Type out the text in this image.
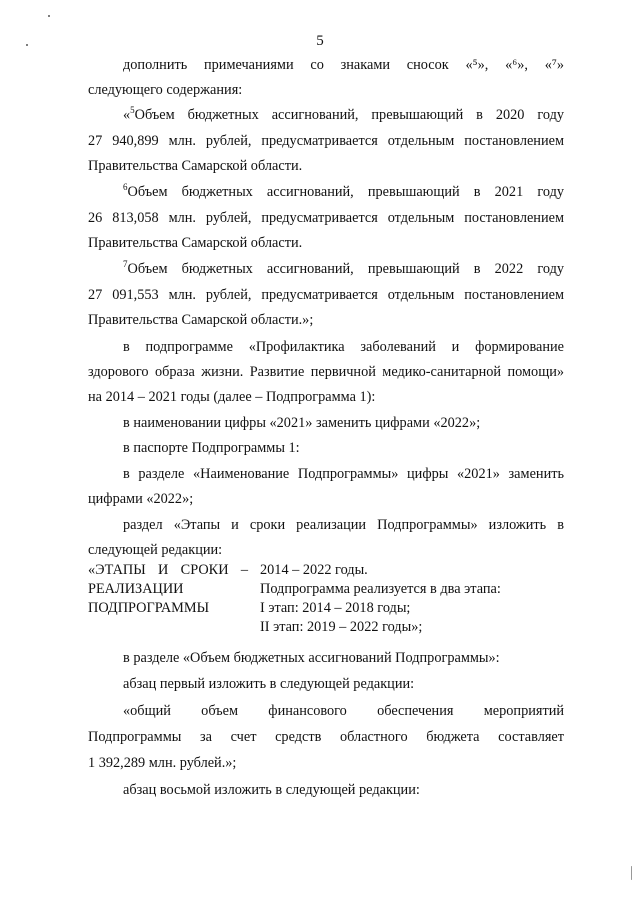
5
дополнить примечаниями со знаками сносок «⁵», «⁶», «⁷»
следующего содержания:
«$^5$Объем бюджетных ассигнований, превышающий в 2020 году
27 940,899 млн. рублей, предусматривается отдельным постановлением
Правительства Самарской области.
$^6$Объем бюджетных ассигнований, превышающий в 2021 году
26 813,058 млн. рублей, предусматривается отдельным постановлением
Правительства Самарской области.
$^7$Объем бюджетных ассигнований, превышающий в 2022 году
27 091,553 млн. рублей, предусматривается отдельным постановлением
Правительства Самарской области.»;
в подпрограмме «Профилактика заболеваний и формирование
здорового образа жизни. Развитие первичной медико-санитарной помощи»
на 2014 – 2021 годы (далее – Подпрограмма 1):
в наименовании цифры «2021» заменить цифрами «2022»;
в паспорте Подпрограммы 1:
в разделе «Наименование Подпрограммы» цифры «2021» заменить
цифрами «2022»;
раздел «Этапы и сроки реализации Подпрограммы» изложить в
следующей редакции:
«ЭТАПЫ И СРОКИ –
РЕАЛИЗАЦИИ
ПОДПРОГРАММЫ
2014 – 2022 годы.
Подпрограмма реализуется в два этапа:
I этап: 2014 – 2018 годы;
II этап: 2019 – 2022 годы»;
в разделе «Объем бюджетных ассигнований Подпрограммы»:
абзац первый изложить в следующей редакции:
«общий объем финансового обеспечения мероприятий
Подпрограммы за счет средств областного бюджета составляет
1 392,289 млн. рублей.»;
абзац восьмой изложить в следующей редакции:
